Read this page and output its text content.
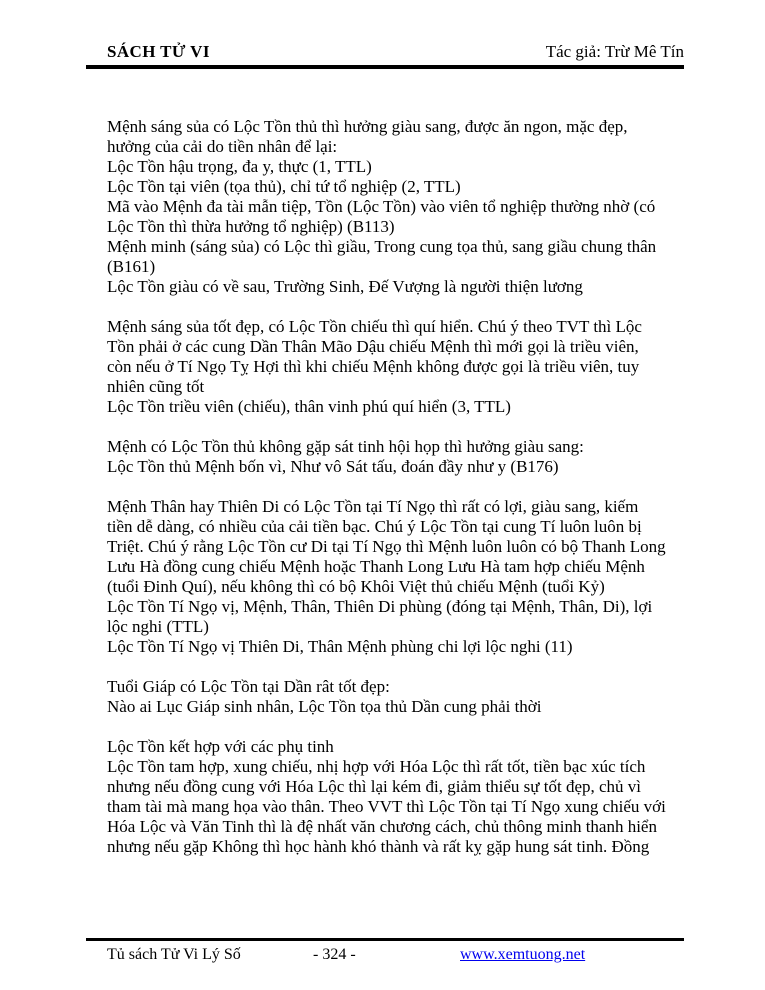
SÁCH TỬ VI	Tác giả: Trừ Mê Tín
Mệnh sáng sủa có Lộc Tồn thủ thì hưởng giàu sang, được ăn ngon, mặc đẹp,
hưởng của cải do tiền nhân để lại:
Lộc Tồn hậu trọng, đa y, thực (1, TTL)
Lộc Tồn tại viên (tọa thủ), chỉ tứ tổ nghiệp (2, TTL)
Mã vào Mệnh đa tài mẫn tiệp, Tồn (Lộc Tồn) vào viên tổ nghiệp thường nhờ (có
Lộc Tồn thì thừa hưởng tổ nghiệp) (B113)
Mệnh minh (sáng sủa) có Lộc thì giầu, Trong cung tọa thủ, sang giầu chung thân
(B161)
Lộc Tồn giàu có về sau, Trường Sinh, Đế Vượng là người thiện lương
Mệnh sáng sủa tốt đẹp, có Lộc Tồn chiếu thì quí hiển. Chú ý theo TVT thì Lộc
Tồn phải ở các cung Dần Thân Mão Dậu chiếu Mệnh thì mới gọi là triều viên,
còn nếu ở Tí Ngọ Tỵ Hợi thì khi chiếu Mệnh không được gọi là triều viên, tuy
nhiên cũng tốt
Lộc Tồn triều viên (chiếu), thân vinh phú quí hiển (3, TTL)
Mệnh có Lộc Tồn thủ không gặp sát tinh hội họp thì hưởng giàu sang:
Lộc Tồn thủ Mệnh bốn vì, Như vô Sát tấu, đoán đầy như y (B176)
Mệnh Thân hay Thiên Di có Lộc Tồn tại Tí Ngọ thì rất có lợi, giàu sang, kiếm
tiền dễ dàng, có nhiều của cải tiền bạc. Chú ý Lộc Tồn tại cung Tí luôn luôn bị
Triệt. Chú ý rằng Lộc Tồn cư Di tại Tí Ngọ thì Mệnh luôn luôn có bộ Thanh Long
Lưu Hà đồng cung chiếu Mệnh hoặc Thanh Long Lưu Hà tam hợp chiếu Mệnh
(tuổi Đinh Quí), nếu không thì có bộ Khôi Việt thủ chiếu Mệnh (tuổi Kỷ)
Lộc Tồn Tí Ngọ vị, Mệnh, Thân, Thiên Di phùng (đóng tại Mệnh, Thân, Di), lợi
lộc nghi (TTL)
Lộc Tồn Tí Ngọ vị Thiên Di, Thân Mệnh phùng chi lợi lộc nghi (11)
Tuổi Giáp có Lộc Tồn tại Dần rât tốt đẹp:
Nào ai Lục Giáp sinh nhân, Lộc Tồn tọa thủ Dần cung phải thời
Lộc Tồn kết hợp với các phụ tinh
Lộc Tồn tam hợp, xung chiếu, nhị hợp với Hóa Lộc thì rất tốt, tiền bạc xúc tích
nhưng nếu đồng cung với Hóa Lộc thì lại kém đi, giảm thiểu sự tốt đẹp, chủ vì
tham tài mà mang họa vào thân. Theo VVT thì Lộc Tồn tại Tí Ngọ xung chiếu với
Hóa Lộc và Văn Tinh thì là đệ nhất văn chương cách, chủ thông minh thanh hiển
nhưng nếu gặp Không thì học hành khó thành và rất kỵ gặp hung sát tinh. Đồng
Tủ sách Tử Vi Lý Số	- 324 -	www.xemtuong.net
